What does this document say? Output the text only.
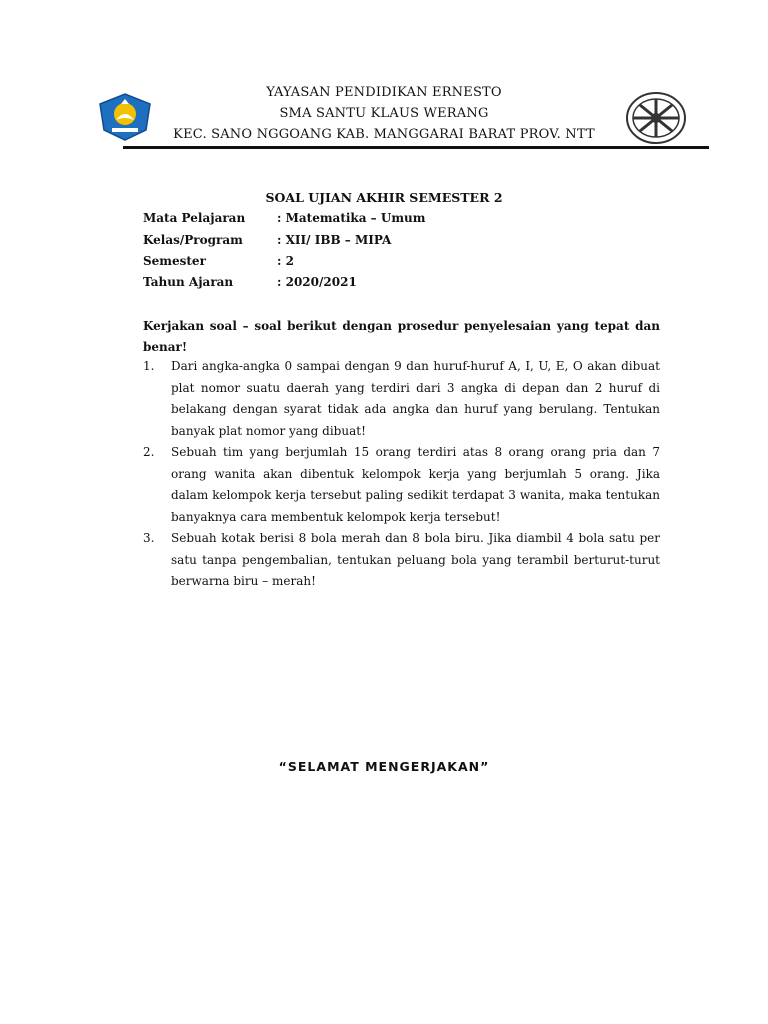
YAYASAN PENDIDIKAN ERNESTO
SMA SANTU KLAUS WERANG
KEC. SANO NGGOANG KAB. MANGGARAI BARAT PROV. NTT
SOAL UJIAN AKHIR SEMESTER 2
Mata Pelajaran	: Matematika – Umum
Kelas/Program	: XII/ IBB – MIPA
Semester	: 2
Tahun Ajaran	: 2020/2021
Kerjakan soal – soal berikut dengan prosedur penyelesaian yang tepat dan benar!
1. Dari angka-angka 0 sampai dengan 9 dan huruf-huruf A, I, U, E, O akan dibuat plat nomor suatu daerah yang terdiri dari 3 angka di depan dan 2 huruf di belakang dengan syarat tidak ada angka dan huruf yang berulang. Tentukan banyak plat nomor yang dibuat!
2. Sebuah tim yang berjumlah 15 orang terdiri atas 8 orang orang pria dan 7 orang wanita akan dibentuk kelompok kerja yang berjumlah 5 orang. Jika dalam kelompok kerja tersebut paling sedikit terdapat 3 wanita, maka tentukan banyaknya cara membentuk kelompok kerja tersebut!
3. Sebuah kotak berisi 8 bola merah dan 8 bola biru. Jika diambil 4 bola satu per satu tanpa pengembalian, tentukan peluang bola yang terambil berturut-turut berwarna biru – merah!
“SELAMAT MENGERJAKAN”
